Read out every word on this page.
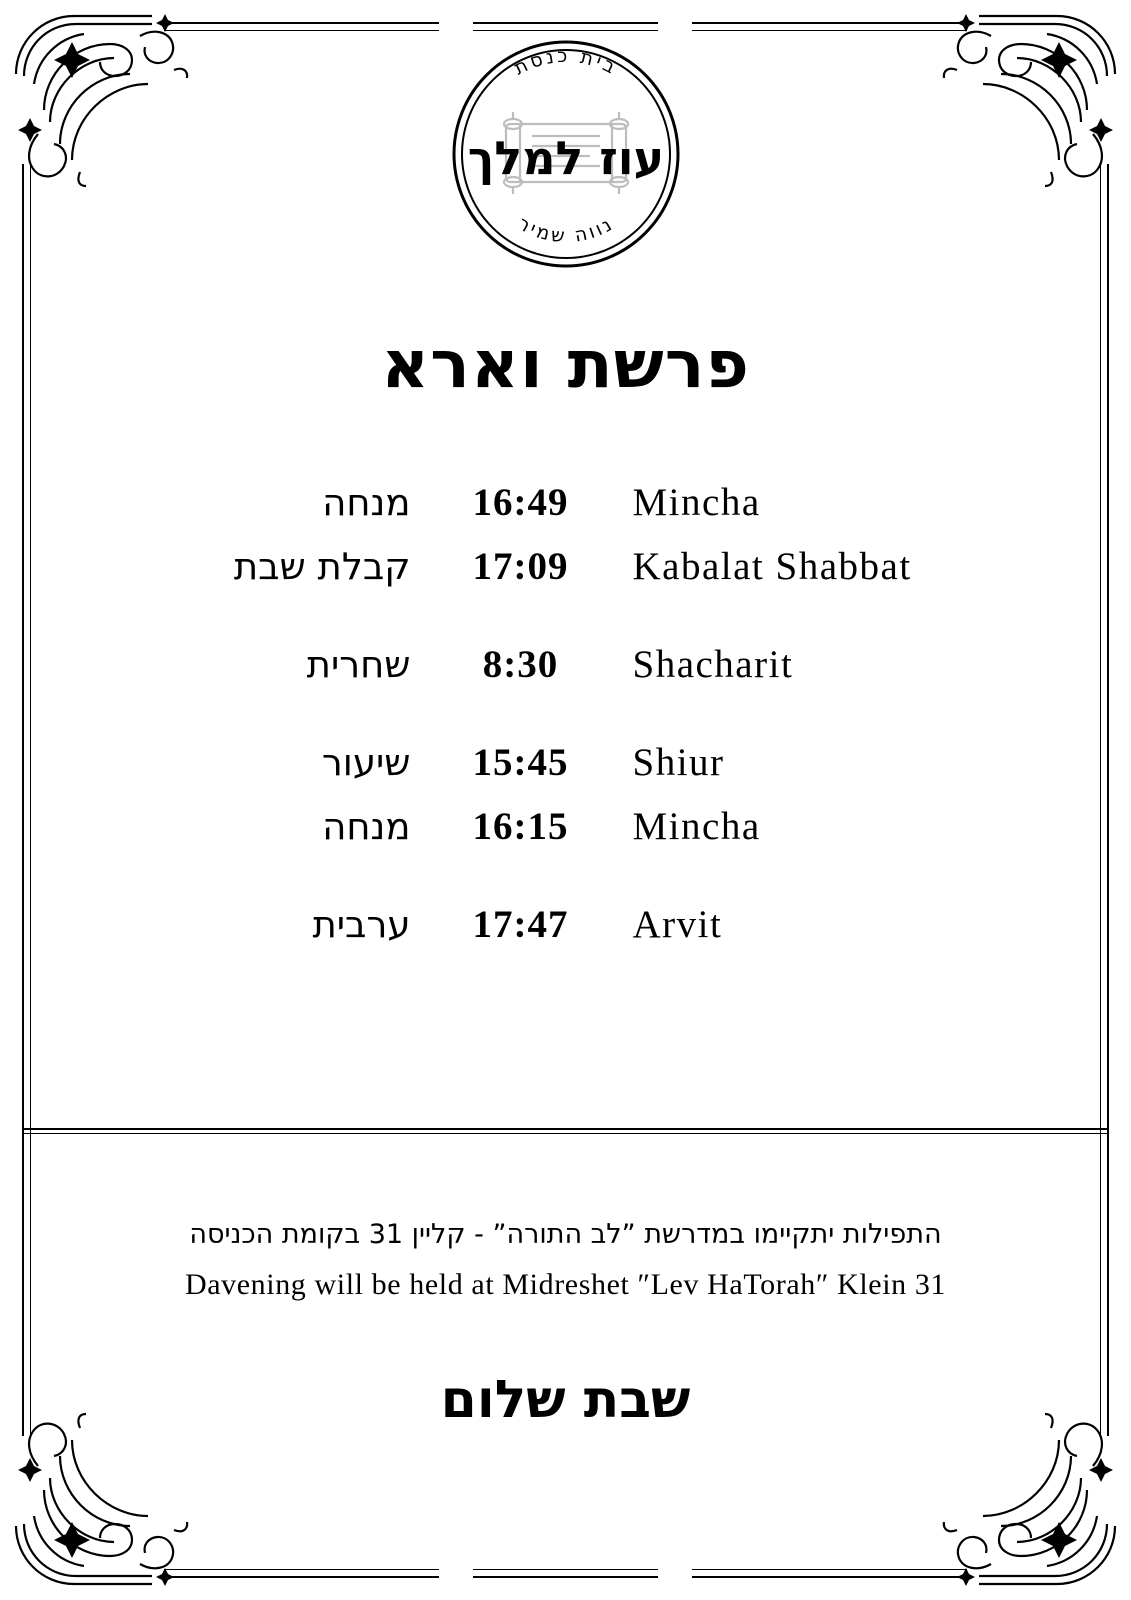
עוז למלך
בית כנסת
נווה שמיר
פרשת וארא
מנחה	16:49	Mincha
קבלת שבת	17:09	Kabalat Shabbat
שחרית	8:30	Shacharit
שיעור	15:45	Shiur
מנחה	16:15	Mincha
ערבית	17:47	Arvit
התפילות יתקיימו במדרשת ”לב התורה” - קליין 31 בקומת הכניסה
Davening will be held at Midreshet ″Lev HaTorah″ Klein 31
שבת שלום
